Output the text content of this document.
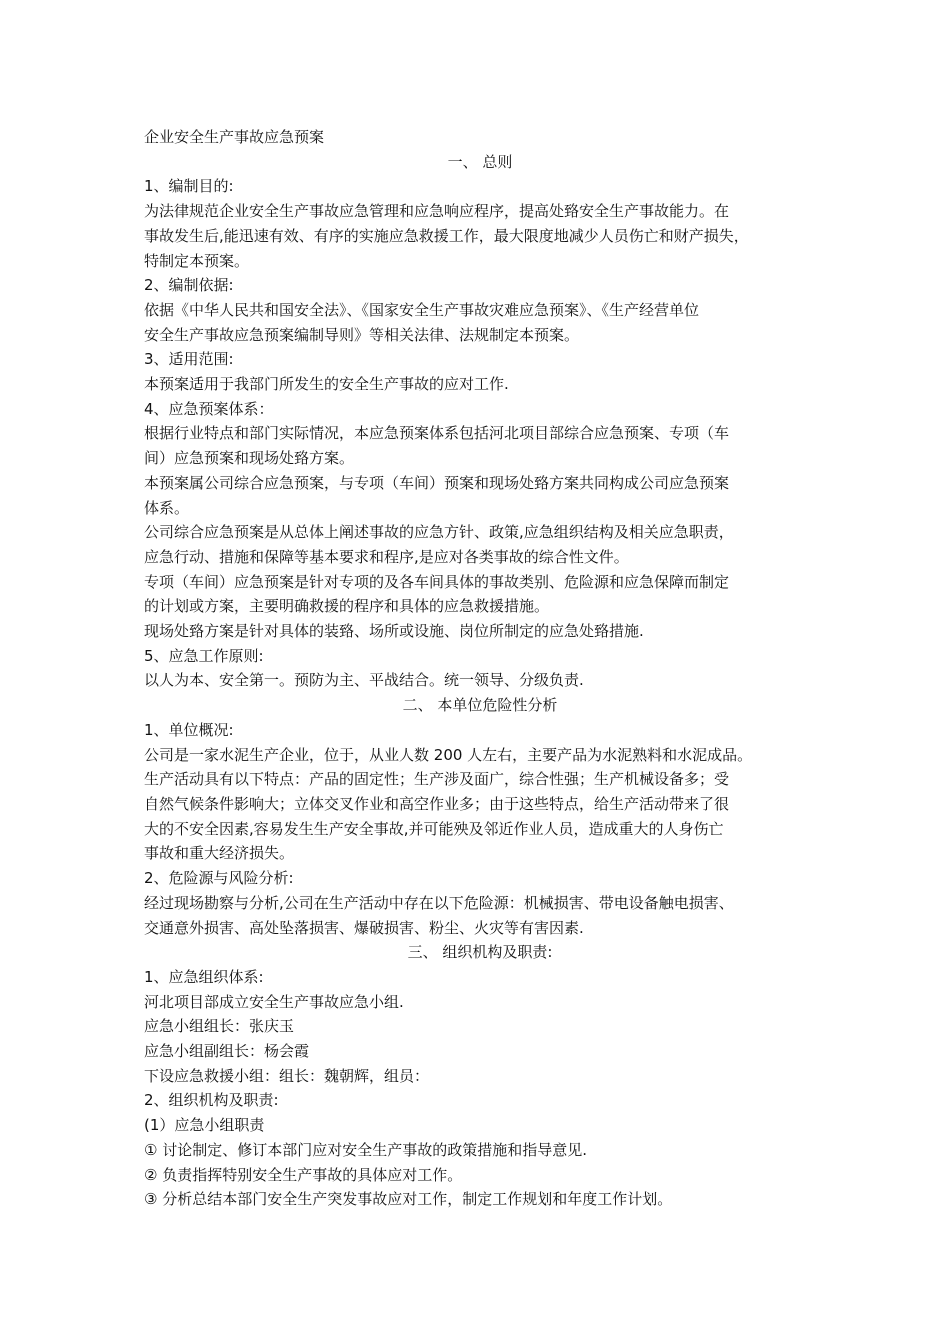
企业安全生产事故应急预案
一、 总则
1、编制目的:
为法律规范企业安全生产事故应急管理和应急响应程序，提高处臵安全生产事故能力。在
事故发生后,能迅速有效、有序的实施应急救援工作，最大限度地减少人员伤亡和财产损失，
特制定本预案。
2、编制依据:
依据《中华人民共和国安全法》、《国家安全生产事故灾难应急预案》、《生产经营单位
安全生产事故应急预案编制导则》等相关法律、法规制定本预案。
3、适用范围:
本预案适用于我部门所发生的安全生产事故的应对工作.
4、应急预案体系：
根据行业特点和部门实际情况，本应急预案体系包括河北项目部综合应急预案、专项（车
间）应急预案和现场处臵方案。
本预案属公司综合应急预案，与专项（车间）预案和现场处臵方案共同构成公司应急预案
体系。
公司综合应急预案是从总体上阐述事故的应急方针、政策,应急组织结构及相关应急职责，
应急行动、措施和保障等基本要求和程序,是应对各类事故的综合性文件。
专项（车间）应急预案是针对专项的及各车间具体的事故类别、危险源和应急保障而制定
的计划或方案，主要明确救援的程序和具体的应急救援措施。
现场处臵方案是针对具体的装臵、场所或设施、岗位所制定的应急处臵措施.
5、应急工作原则:
以人为本、安全第一。预防为主、平战结合。统一领导、分级负责.
二、 本单位危险性分析
1、单位概况:
公司是一家水泥生产企业，位于，从业人数 200 人左右，主要产品为水泥熟料和水泥成品。
生产活动具有以下特点：产品的固定性；生产涉及面广，综合性强；生产机械设备多；受
自然气候条件影响大；立体交叉作业和高空作业多；由于这些特点，给生产活动带来了很
大的不安全因素,容易发生生产安全事故,并可能殃及邻近作业人员，造成重大的人身伤亡
事故和重大经济损失。
2、危险源与风险分析:
经过现场勘察与分析,公司在生产活动中存在以下危险源：机械损害、带电设备触电损害、
交通意外损害、高处坠落损害、爆破损害、粉尘、火灾等有害因素.
三、 组织机构及职责:
1、应急组织体系:
河北项目部成立安全生产事故应急小组.
应急小组组长：张庆玉
应急小组副组长：杨会霞
下设应急救援小组：组长：魏朝辉，组员：
2、组织机构及职责:
(1）应急小组职责
① 讨论制定、修订本部门应对安全生产事故的政策措施和指导意见.
② 负责指挥特别安全生产事故的具体应对工作。
③ 分析总结本部门安全生产突发事故应对工作，制定工作规划和年度工作计划。
